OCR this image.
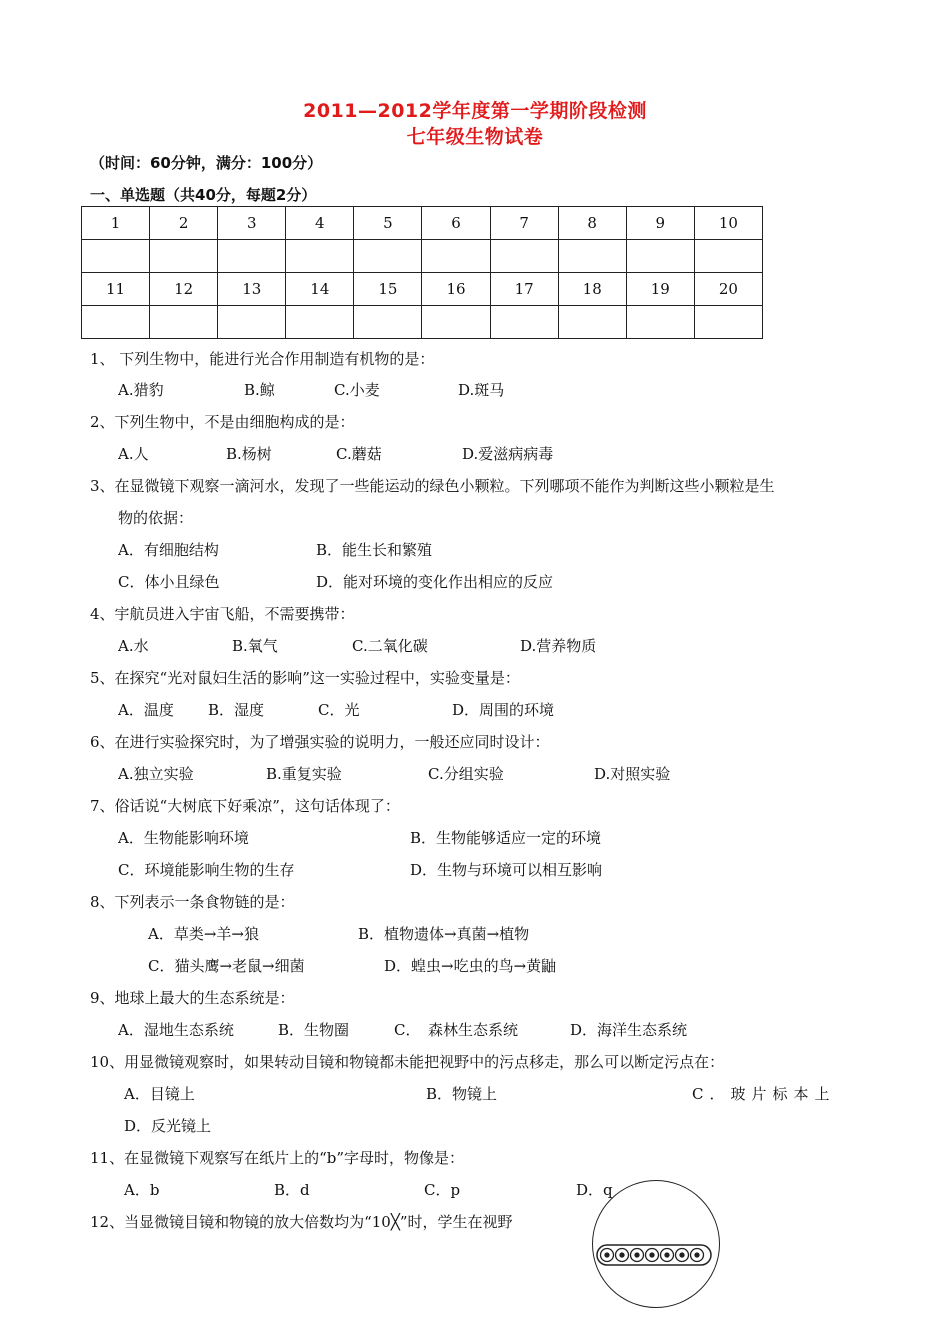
2011—2012学年度第一学期阶段检测
七年级生物试卷
（时间：60分钟，满分：100分）
一、单选题（共40分，每题2分）
1	2	3	4	5	6	7	8	9	10

11	12	13	14	15	16	17	18	19	20

1、 下列生物中，能进行光合作用制造有机物的是：
A.猎豹	B.鲸	C.小麦	D.斑马
2、下列生物中，不是由细胞构成的是：
A.人	B.杨树	C.蘑菇	D.爱滋病病毒
3、在显微镜下观察一滴河水，发现了一些能运动的绿色小颗粒。下列哪项不能作为判断这些小颗粒是生
物的依据：
A．有细胞结构	B．能生长和繁殖
C．体小且绿色	D．能对环境的变化作出相应的反应
4、宇航员进入宇宙飞船，不需要携带：
A.水	B.氧气	C.二氧化碳	D.营养物质
5、在探究“光对鼠妇生活的影响”这一实验过程中，实验变量是：
A．温度 B．湿度	C．光	D．周围的环境
6、在进行实验探究时，为了增强实验的说明力，一般还应同时设计：
A.独立实验	B.重复实验	C.分组实验	D.对照实验
7、俗话说“大树底下好乘凉”，这句话体现了：
A．生物能影响环境	B．生物能够适应一定的环境
C．环境能影响生物的生存	D．生物与环境可以相互影响
8、下列表示一条食物链的是：
A．草类→羊→狼	B．植物遗体→真菌→植物
C．猫头鹰→老鼠→细菌	D．蝗虫→吃虫的鸟→黄鼬
9、地球上最大的生态系统是：
A．湿地生态系统	B．生物圈	C． 森林生态系统	D．海洋生态系统
10、用显微镜观察时，如果转动目镜和物镜都未能把视野中的污点移走，那么可以断定污点在：
A．目镜上	B．物镜上	C．玻片标本上
D．反光镜上
11、在显微镜下观察写在纸片上的“b”字母时，物像是：
A．b	B．d	C．p	D．q
12、当显微镜目镜和物镜的放大倍数均为“10╳”时，学生在视野
